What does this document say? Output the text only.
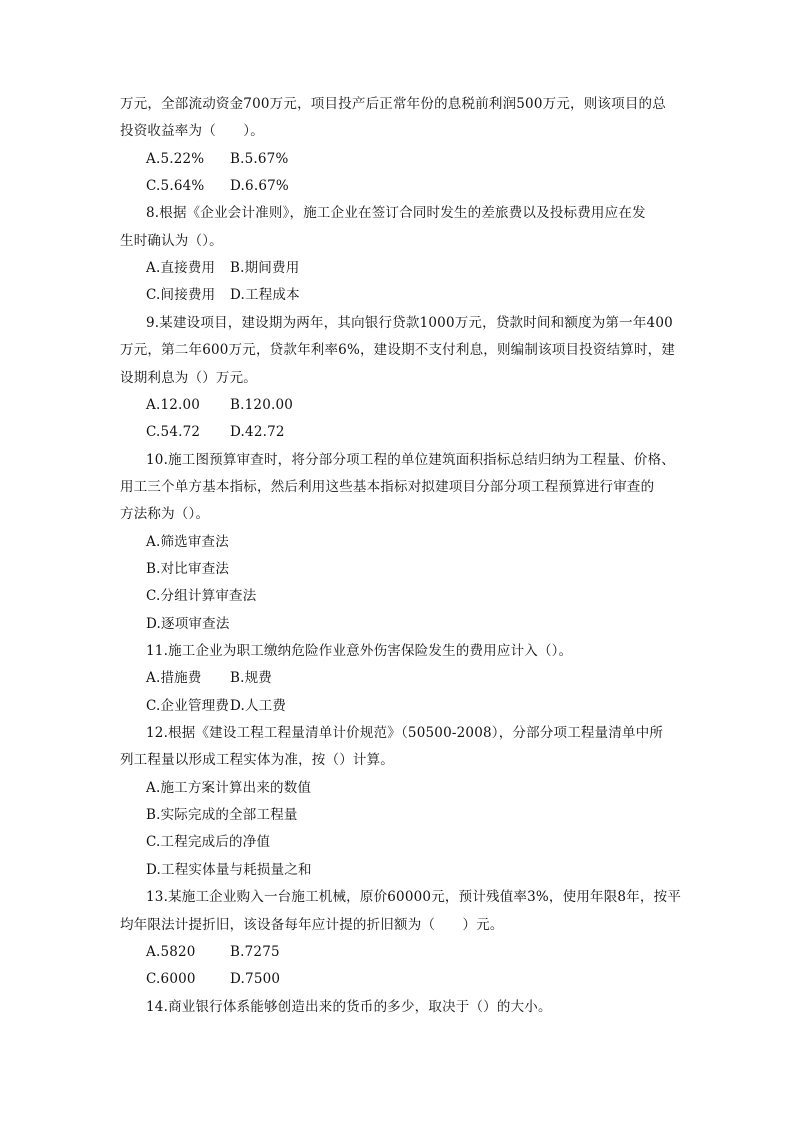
万元，全部流动资金700万元，项目投产后正常年份的息税前利润500万元，则该项目的总
投资收益率为（　　）。
A.5.22% B.5.67%
C.5.64% D.6.67%
8.根据《企业会计准则》，施工企业在签订合同时发生的差旅费以及投标费用应在发
生时确认为（）。
A.直接费用 B.期间费用
C.间接费用 D.工程成本
9.某建设项目，建设期为两年，其向银行贷款1000万元，贷款时间和额度为第一年400
万元，第二年600万元，贷款年利率6%，建设期不支付利息，则编制该项目投资结算时，建
设期利息为（）万元。
A.12.00 B.120.00
C.54.72 D.42.72
10.施工图预算审查时，将分部分项工程的单位建筑面积指标总结归纳为工程量、价格、
用工三个单方基本指标，然后利用这些基本指标对拟建项目分部分项工程预算进行审查的
方法称为（）。
A.筛选审查法
B.对比审查法
C.分组计算审查法
D.逐项审查法
11.施工企业为职工缴纳危险作业意外伤害保险发生的费用应计入（）。
A.措施费 B.规费
C.企业管理费 D.人工费
12.根据《建设工程工程量清单计价规范》（50500-2008），分部分项工程量清单中所
列工程量以形成工程实体为准，按（）计算。
A.施工方案计算出来的数值
B.实际完成的全部工程量
C.工程完成后的净值
D.工程实体量与耗损量之和
13.某施工企业购入一台施工机械，原价60000元，预计残值率3%，使用年限8年，按平
均年限法计提折旧，该设备每年应计提的折旧额为（　　）元。
A.5820	B.7275
C.6000	D.7500
14.商业银行体系能够创造出来的货币的多少，取决于（）的大小。
